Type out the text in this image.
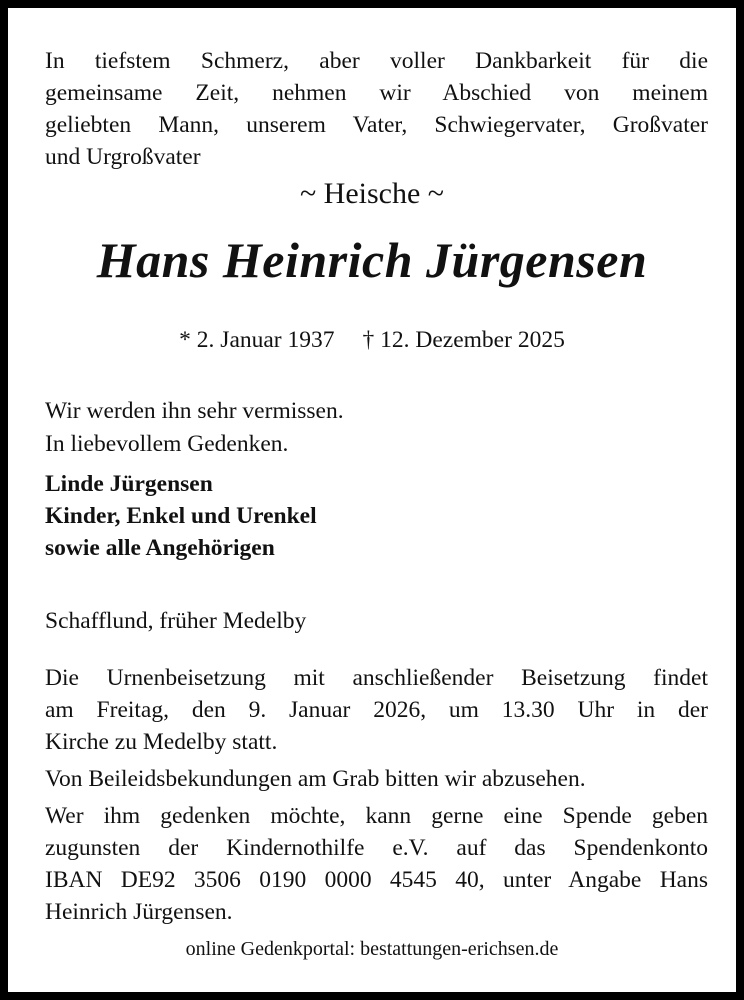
In tiefstem Schmerz, aber voller Dankbarkeit für die
gemeinsame Zeit, nehmen wir Abschied von meinem
geliebten Mann, unserem Vater, Schwiegervater, Großvater
und Urgroßvater
~ Heische ~
Hans Heinrich Jürgensen
* 2. Januar 1937 † 12. Dezember 2025
Wir werden ihn sehr vermissen.
In liebevollem Gedenken.
Linde Jürgensen
Kinder, Enkel und Urenkel
sowie alle Angehörigen
Schafflund, früher Medelby
Die Urnenbeisetzung mit anschließender Beisetzung findet
am Freitag, den 9. Januar 2026, um 13.30 Uhr in der
Kirche zu Medelby statt.
Von Beileidsbekundungen am Grab bitten wir abzusehen.
Wer ihm gedenken möchte, kann gerne eine Spende geben
zugunsten der Kindernothilfe e.V. auf das Spendenkonto
IBAN DE92 3506 0190 0000 4545 40, unter Angabe Hans
Heinrich Jürgensen.
online Gedenkportal: bestattungen-erichsen.de
